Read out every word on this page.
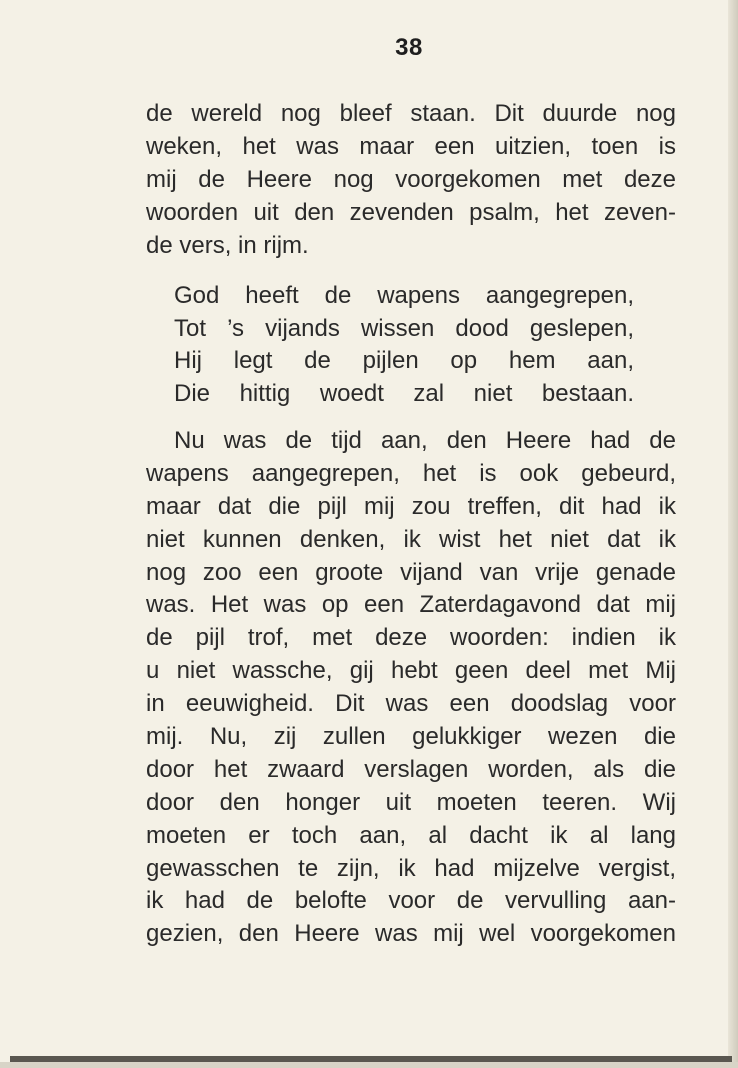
38
de wereld nog bleef staan. Dit duurde nog
weken, het was maar een uitzien, toen is
mij de Heere nog voorgekomen met deze
woorden uit den zevenden psalm, het zeven-
de vers, in rijm.
God heeft de wapens aangegrepen,
Tot ’s vijands wissen dood geslepen,
Hij legt de pijlen op hem aan,
Die hittig woedt zal niet bestaan.
Nu was de tijd aan, den Heere had de
wapens aangegrepen, het is ook gebeurd,
maar dat die pijl mij zou treffen, dit had ik
niet kunnen denken, ik wist het niet dat ik
nog zoo een groote vijand van vrije genade
was. Het was op een Zaterdagavond dat mij
de pijl trof, met deze woorden: indien ik
u niet wassche, gij hebt geen deel met Mij
in eeuwigheid. Dit was een doodslag voor
mij. Nu, zij zullen gelukkiger wezen die
door het zwaard verslagen worden, als die
door den honger uit moeten teeren. Wij
moeten er toch aan, al dacht ik al lang
gewasschen te zijn, ik had mijzelve vergist,
ik had de belofte voor de vervulling aan-
gezien, den Heere was mij wel voorgekomen
